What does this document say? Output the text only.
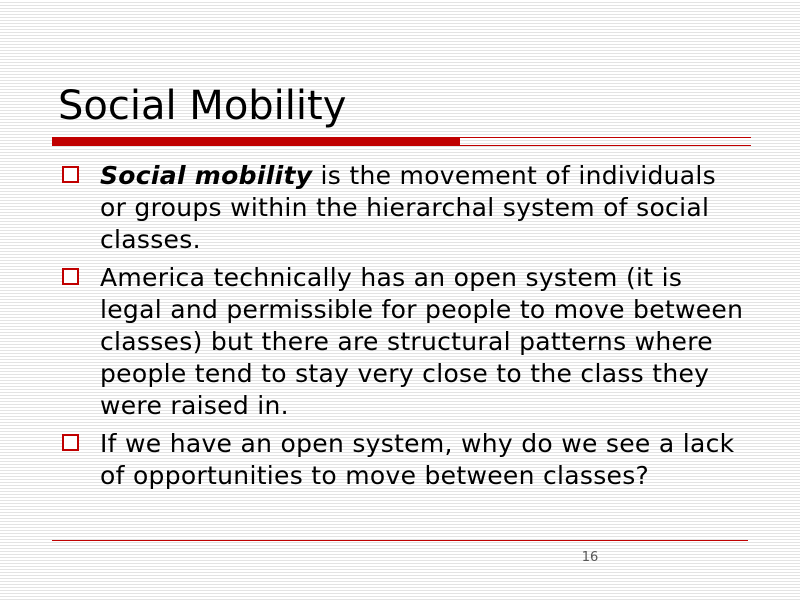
Social Mobility
Social mobility is the movement of individuals or groups within the hierarchal system of social classes.
America technically has an open system (it is legal and permissible for people to move between classes) but there are structural patterns where people tend to stay very close to the class they were raised in.
If we have an open system, why do we see a lack of opportunities to move between classes?
16
